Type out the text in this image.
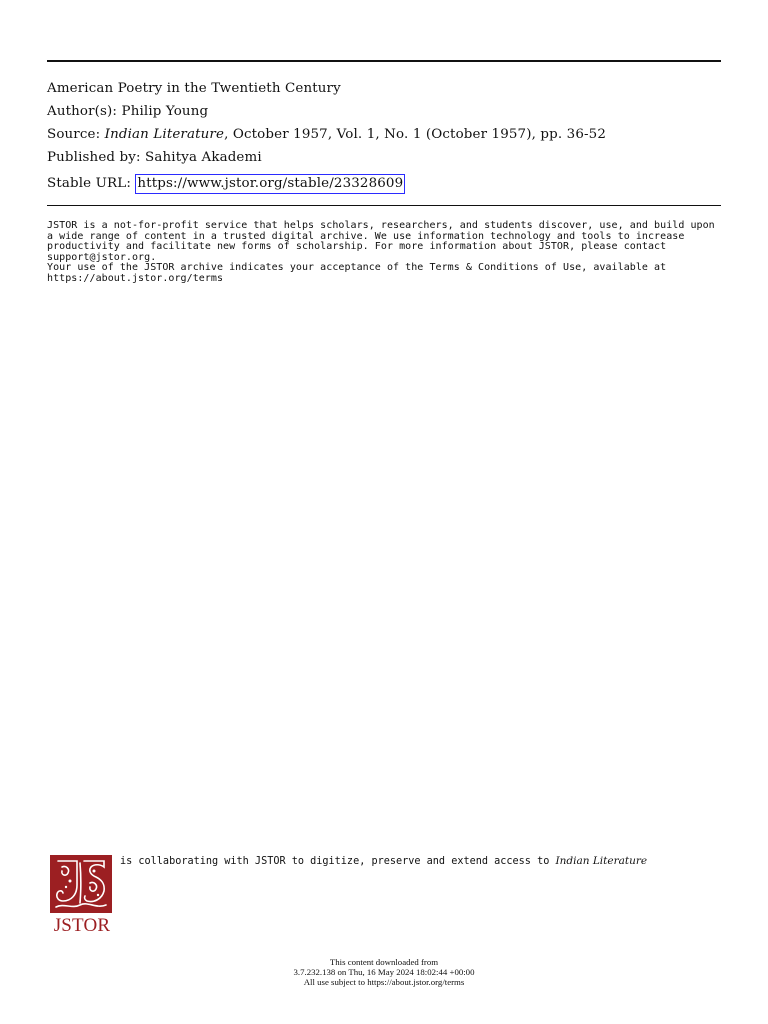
American Poetry in the Twentieth Century
Author(s): Philip Young
Source: Indian Literature, October 1957, Vol. 1, No. 1 (October 1957), pp. 36-52
Published by: Sahitya Akademi
Stable URL: https://www.jstor.org/stable/23328609

JSTOR is a not-for-profit service that helps scholars, researchers, and students discover, use, and build upon a wide range of content in a trusted digital archive. We use information technology and tools to increase productivity and facilitate new forms of scholarship. For more information about JSTOR, please contact support@jstor.org.

Your use of the JSTOR archive indicates your acceptance of the Terms & Conditions of Use, available at https://about.jstor.org/terms

JSTOR
is collaborating with JSTOR to digitize, preserve and extend access to Indian Literature
This content downloaded from
3.7.232.138 on Thu, 16 May 2024 18:02:44 +00:00
All use subject to https://about.jstor.org/terms
